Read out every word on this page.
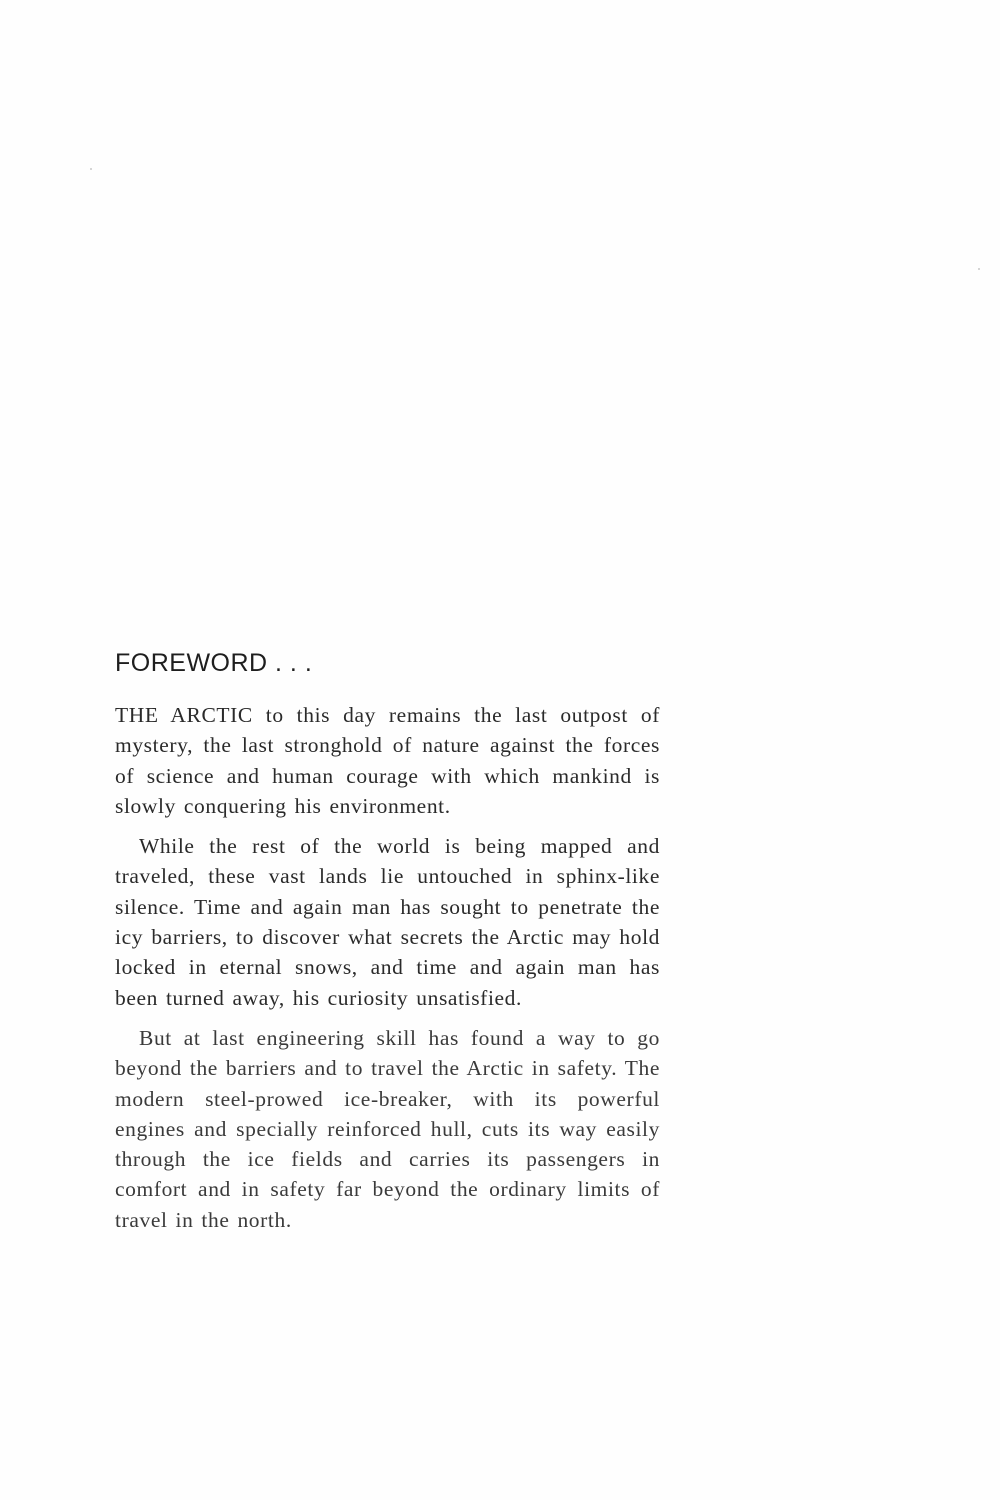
FOREWORD . . .

THE ARCTIC to this day remains the last outpost of mystery, the last stronghold of nature against the forces of science and human courage with which mankind is slowly conquering his environment.

While the rest of the world is being mapped and traveled, these vast lands lie untouched in sphinx-like silence. Time and again man has sought to penetrate the icy barriers, to discover what secrets the Arctic may hold locked in eternal snows, and time and again man has been turned away, his curiosity unsatisfied.

But at last engineering skill has found a way to go beyond the barriers and to travel the Arctic in safety. The modern steel-prowed ice-breaker, with its powerful engines and specially reinforced hull, cuts its way easily through the ice fields and carries its passengers in comfort and in safety far beyond the ordinary limits of travel in the north.
